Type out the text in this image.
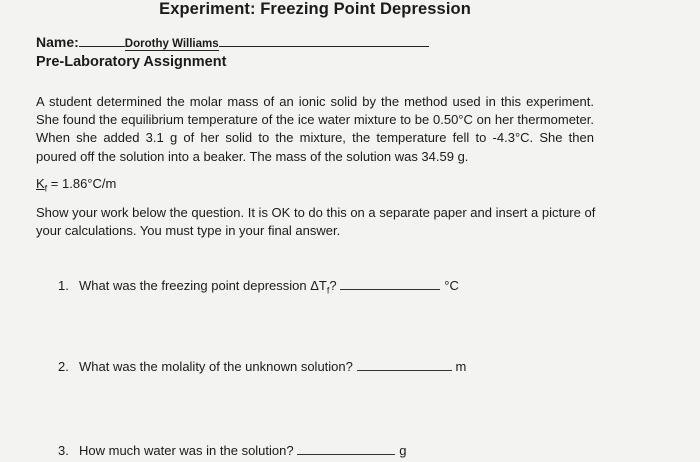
Experiment: Freezing Point Depression
Name:	Dorothy Williams
Pre-Laboratory Assignment
A student determined the molar mass of an ionic solid by the method used in this experiment. She found the equilibrium temperature of the ice water mixture to be 0.50°C on her thermometer. When she added 3.1 g of her solid to the mixture, the temperature fell to -4.3°C. She then poured off the solution into a beaker. The mass of the solution was 34.59 g.
$K_f = 1.86^\circ C/m$
Show your work below the question. It is OK to do this on a separate paper and insert a picture of your calculations. You must type in your final answer.
1. What was the freezing point depression $\Delta T_f$?	°C
2. What was the molality of the unknown solution?	m
3. How much water was in the solution?	g
